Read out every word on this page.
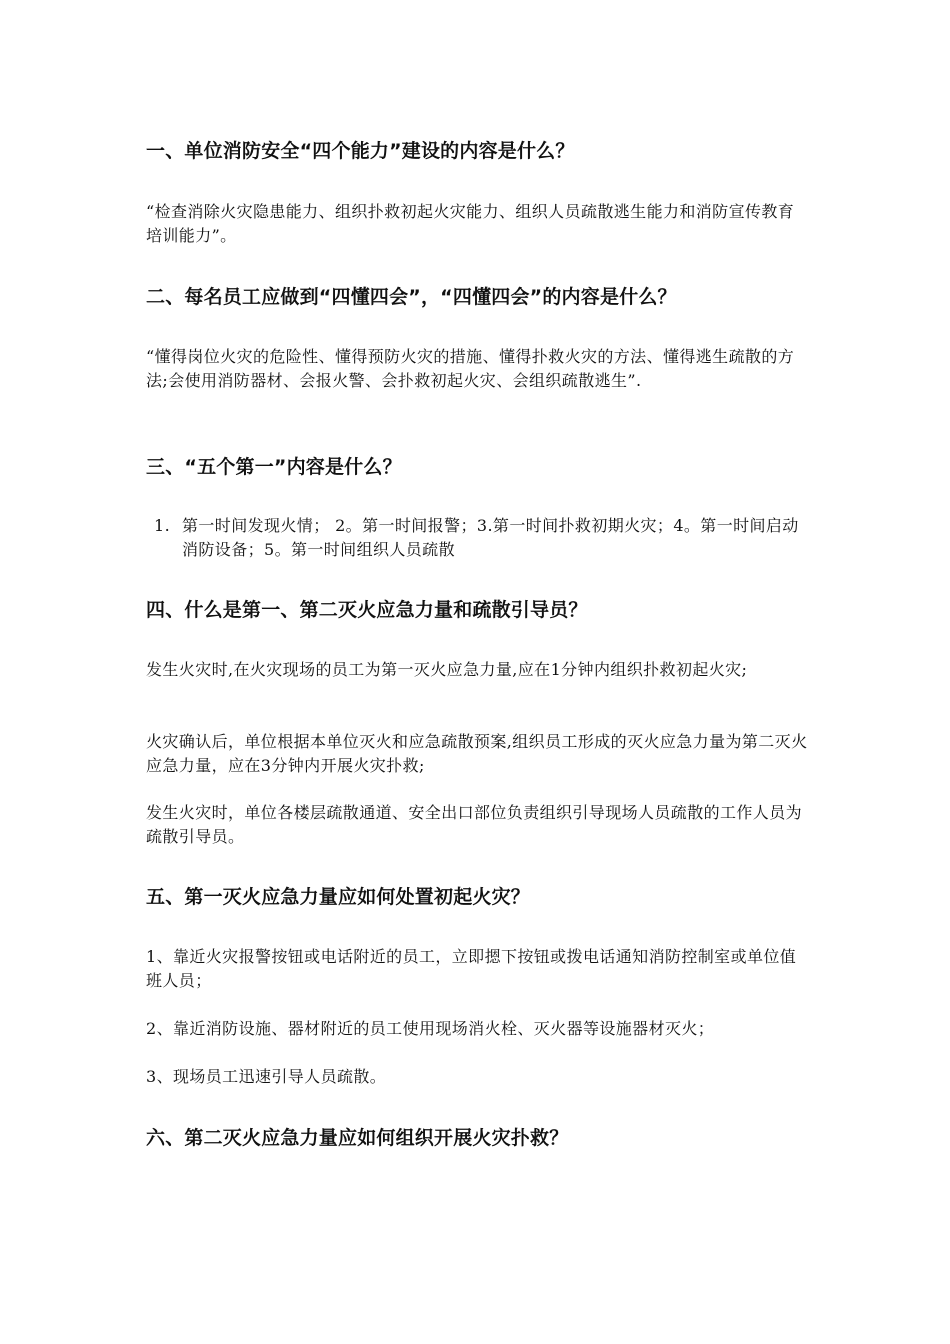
一、单位消防安全“四个能力”建设的内容是什么？

“检查消除火灾隐患能力、组织扑救初起火灾能力、组织人员疏散逃生能力和消防宣传教育培训能力”。

二、每名员工应做到“四懂四会”，“四懂四会”的内容是什么？

“懂得岗位火灾的危险性、懂得预防火灾的措施、懂得扑救火灾的方法、懂得逃生疏散的方法;会使用消防器材、会报火警、会扑救初起火灾、会组织疏散逃生”.

三、“五个第一”内容是什么？
1. 第一时间发现火情； 2。第一时间报警；3.第一时间扑救初期火灾；4。第一时间启动消防设备；5。第一时间组织人员疏散
四、什么是第一、第二灭火应急力量和疏散引导员？

发生火灾时,在火灾现场的员工为第一灭火应急力量,应在1分钟内组织扑救初起火灾;

火灾确认后，单位根据本单位灭火和应急疏散预案,组织员工形成的灭火应急力量为第二灭火应急力量，应在3分钟内开展火灾扑救;

发生火灾时，单位各楼层疏散通道、安全出口部位负责组织引导现场人员疏散的工作人员为疏散引导员。

五、第一灭火应急力量应如何处置初起火灾？

1、靠近火灾报警按钮或电话附近的员工，立即摁下按钮或拨电话通知消防控制室或单位值班人员；

2、靠近消防设施、器材附近的员工使用现场消火栓、灭火器等设施器材灭火；

3、现场员工迅速引导人员疏散。

六、第二灭火应急力量应如何组织开展火灾扑救？
